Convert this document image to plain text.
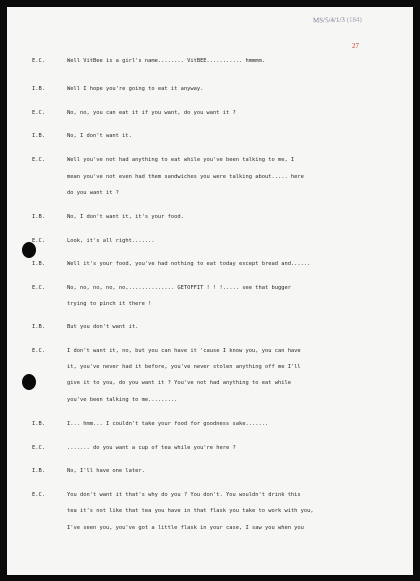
MS/5/4/1/3 (184)
27
E.C.	Well VitBee is a girl's name........ VitBEE........... hmmmm.
I.B.	Well I hope you're going to eat it anyway.
E.C.	No, no, you can eat it if you want, do you want it ?
I.B.	No, I don't want it.
E.C.	Well you've not had anything to eat while you've been talking to me, I
mean you've not even had them sandwiches you were talking about..... here
do you want it ?
I.B.	No, I don't want it, it's your food.
E.C.	Look, it's all right.......
I.B.	Well it's your food, you've had nothing to eat today except bread and......
E.C.	No, no, no, no, no,.............. GETOFFIT ! ! !..... see that bugger
trying to pinch it there !
I.B.	But you don't want it.
E.C.	I don't want it, no, but you can have it 'cause I know you, you can have
it, you've never had it before, you've never stolen anything off me I'll
give it to you, do you want it ? You've not had anything to eat while
you've been talking to me.........
I.B.	I... hmm... I couldn't take your food for goodness sake.......
E.C.	....... do you want a cup of tea while you're here ?
I.B.	No, I'll have one later.
E.C.	You don't want it that's why do you ? You don't. You wouldn't drink this
tea it's not like that tea you have in that flask you take to work with you,
I've seen you, you've got a little flask in your case, I saw you when you
